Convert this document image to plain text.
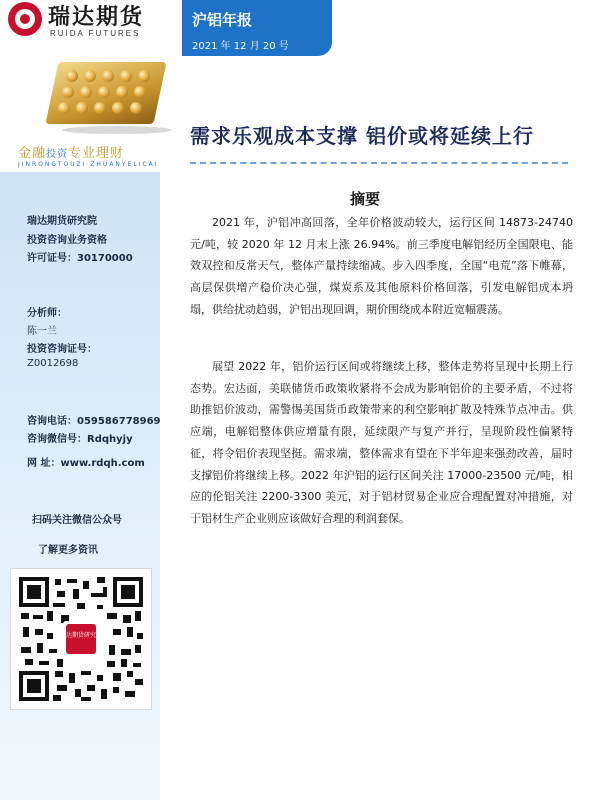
瑞达期货
RUIDA FUTURES
沪铝年报
2021 年 12 月 20 号
金融投资专业理财
JINRONGTOUZI ZHUANYELICAI
瑞达期货研究院
投资咨询业务资格
许可证号：30170000
分析师：
陈一兰
投资咨询证号：
Z0012698
咨询电话：059586778969
咨询微信号：Rdqhyjy
网 址：www.rdqh.com
扫码关注微信公众号
了解更多资讯
瑞达期货研究所
需求乐观成本支撑 铝价或将延续上行
摘要

2021 年，沪铝冲高回落，全年价格波动较大，运行区间 14873-24740 元/吨，较 2020 年 12 月末上涨 26.94%。前三季度电解铝经历全国限电、能效双控和反常天气，整体产量持续缩减。步入四季度，全国“电荒”落下帷幕，高层保供增产稳价决心强，煤炭系及其他原料价格回落，引发电解铝成本坍塌，供给扰动趋弱，沪铝出现回调，期价围绕成本附近宽幅震荡。

展望 2022 年，铝价运行区间或将继续上移，整体走势将呈现中长期上行态势。宏达面，美联储货币政策收紧将不会成为影响铝价的主要矛盾，不过将助推铝价波动，需警惕美国货币政策带来的利空影响扩散及特殊节点冲击。供应端，电解铝整体供应增量有限，延续限产与复产并行，呈现阶段性偏紧特征，将令铝价表现坚挺。需求端，整体需求有望在下半年迎来强劲改善，届时支撑铝价将继续上移。2022 年沪铝的运行区间关注 17000-23500 元/吨，相应的伦铝关注 2200-3300 美元，对于铝材贸易企业应合理配置对冲措施，对于铝材生产企业则应该做好合理的利润套保。
